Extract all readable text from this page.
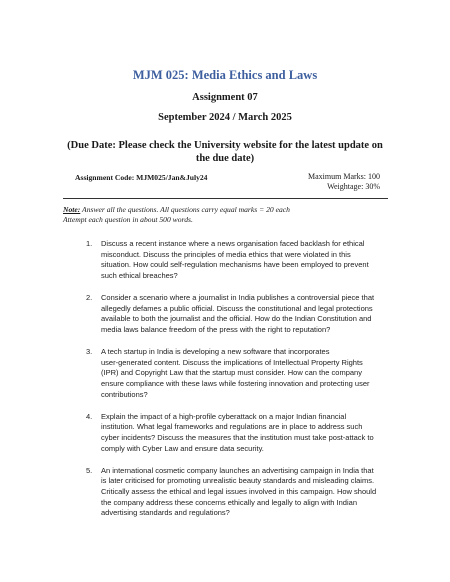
MJM 025: Media Ethics and Laws
Assignment 07
September 2024 / March 2025
(Due Date: Please check the University website for the latest update on
the due date)
Assignment Code: MJM025/Jan&July24	Maximum Marks: 100
Weightage: 30%
Note: Answer all the questions. All questions carry equal marks = 20 each
Attempt each question in about 500 words.
1. Discuss a recent instance where a news organisation faced backlash for ethical
misconduct. Discuss the principles of media ethics that were violated in this
situation. How could self-regulation mechanisms have been employed to prevent
such ethical breaches?
2. Consider a scenario where a journalist in India publishes a controversial piece that
allegedly defames a public official. Discuss the constitutional and legal protections
available to both the journalist and the official. How do the Indian Constitution and
media laws balance freedom of the press with the right to reputation?
3. A tech startup in India is developing a new software that incorporates
user-generated content. Discuss the implications of Intellectual Property Rights
(IPR) and Copyright Law that the startup must consider. How can the company
ensure compliance with these laws while fostering innovation and protecting user
contributions?
4. Explain the impact of a high-profile cyberattack on a major Indian financial
institution. What legal frameworks and regulations are in place to address such
cyber incidents? Discuss the measures that the institution must take post-attack to
comply with Cyber Law and ensure data security.
5. An international cosmetic company launches an advertising campaign in India that
is later criticised for promoting unrealistic beauty standards and misleading claims.
Critically assess the ethical and legal issues involved in this campaign. How should
the company address these concerns ethically and legally to align with Indian
advertising standards and regulations?
